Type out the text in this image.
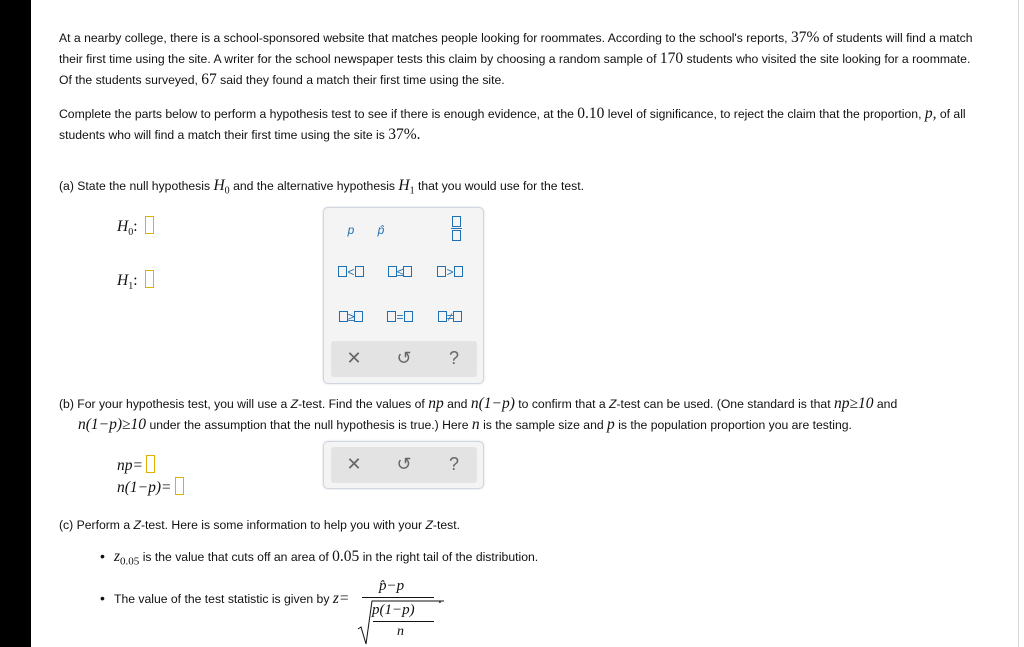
At a nearby college, there is a school-sponsored website that matches people looking for roommates. According to the school's reports, 37% of students will find a match
their first time using the site. A writer for the school newspaper tests this claim by choosing a random sample of 170 students who visited the site looking for a roommate.
Of the students surveyed, 67 said they found a match their first time using the site.
Complete the parts below to perform a hypothesis test to see if there is enough evidence, at the 0.10 level of significance, to reject the claim that the proportion, p, of all
students who will find a match their first time using the site is 37%.
(a) State the null hypothesis $H_0$ and the alternative hypothesis $H_1$ that you would use for the test.
$H_0$:
$H_1$:
p	p̂
<	≤	>
≥	=	≠
✕	↺	?
(b) For your hypothesis test, you will use a Z-test. Find the values of np and n(1−p) to confirm that a Z-test can be used. (One standard is that np≥10 and
n(1−p)≥10 under the assumption that the null hypothesis is true.) Here n is the sample size and p is the population proportion you are testing.
np=
n(1−p)=
✕	↺	?
(c) Perform a Z-test. Here is some information to help you with your Z-test.
• $z_{0.05}$ is the value that cuts off an area of 0.05 in the right tail of the distribution.
• The value of the test statistic is given by z=
p̂−p
p(1−p)
n
.
